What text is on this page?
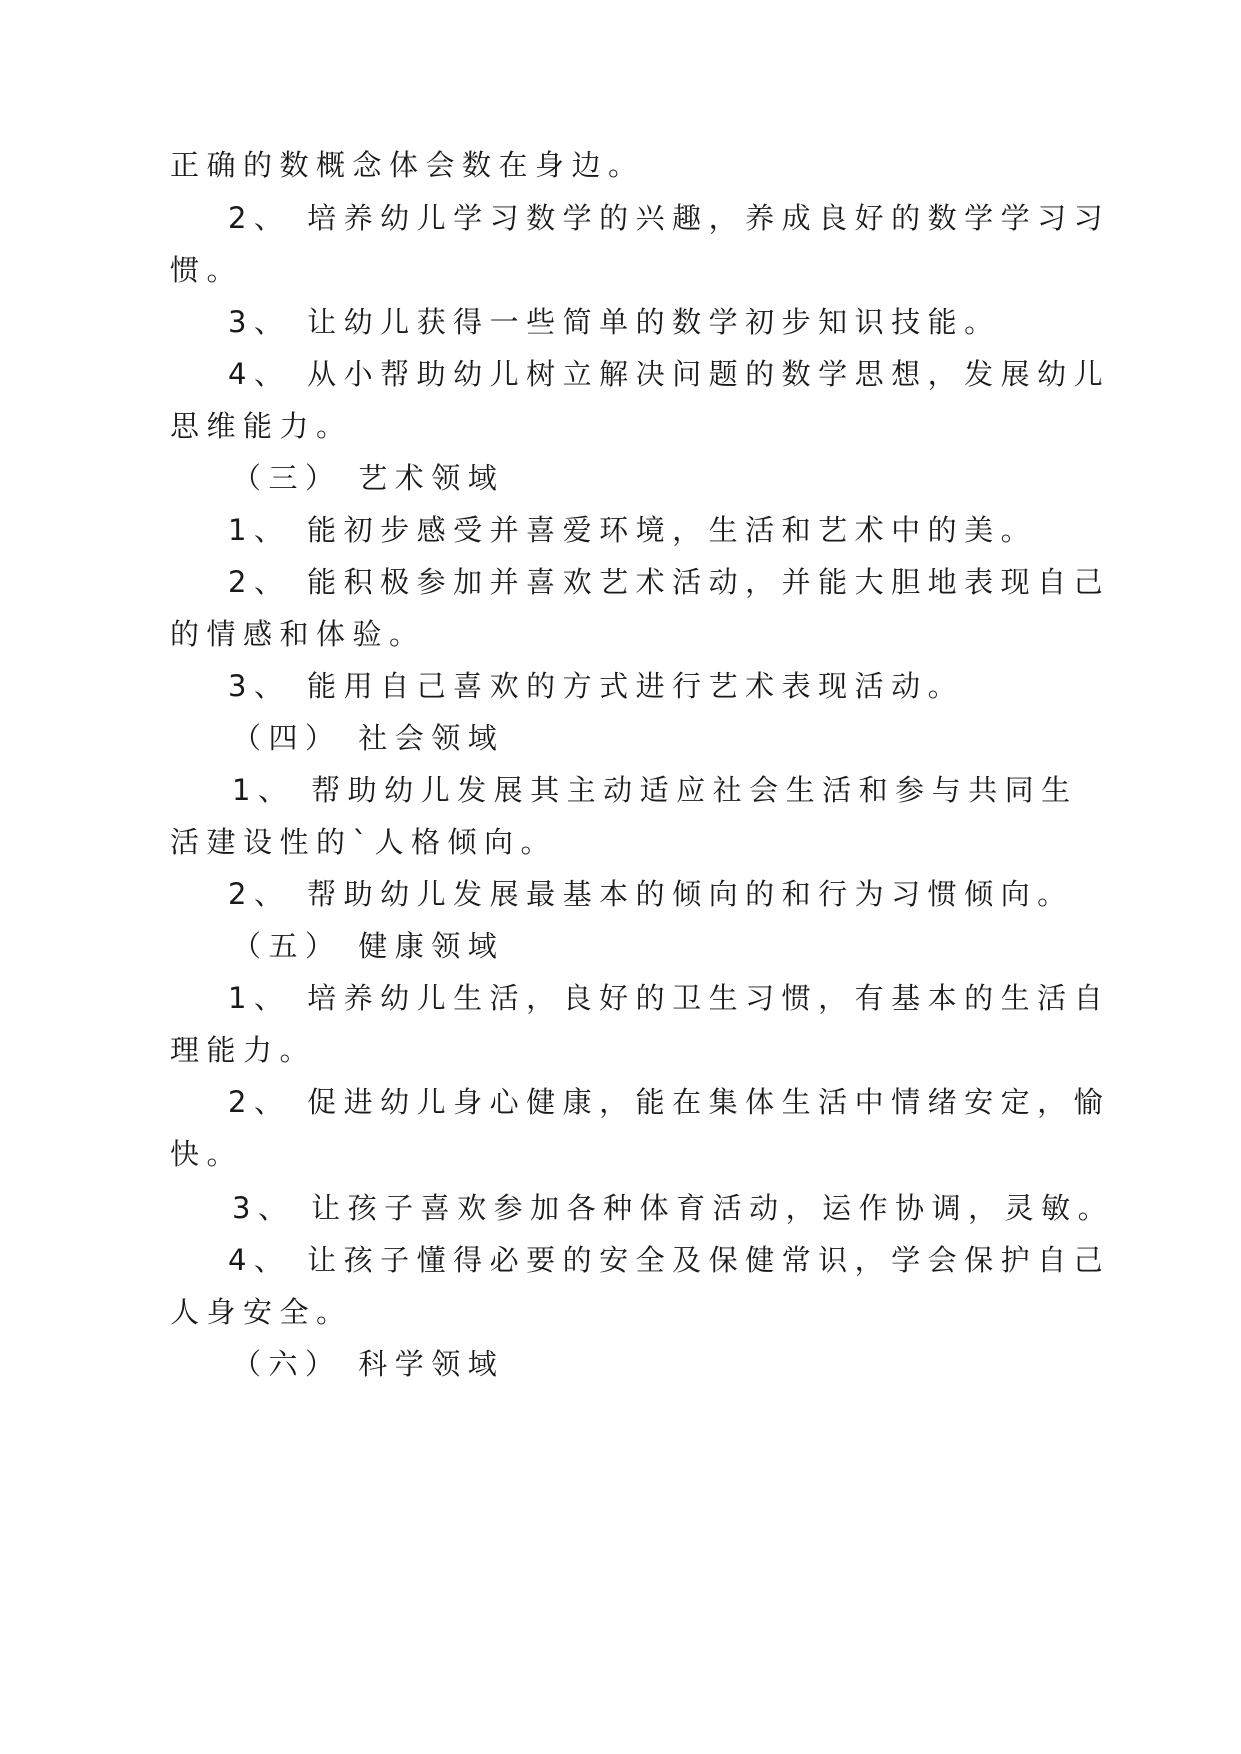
正确的数概念体会数在身边。
2、 培养幼儿学习数学的兴趣，养成良好的数学学习习
惯。
3、 让幼儿获得一些简单的数学初步知识技能。
4、 从小帮助幼儿树立解决问题的数学思想，发展幼儿
思维能力。
（三） 艺术领域
1、 能初步感受并喜爱环境，生活和艺术中的美。
2、 能积极参加并喜欢艺术活动，并能大胆地表现自己
的情感和体验。
3、 能用自己喜欢的方式进行艺术表现活动。
（四） 社会领域
1、 帮助幼儿发展其主动适应社会生活和参与共同生
活建设性的`人格倾向。
2、 帮助幼儿发展最基本的倾向的和行为习惯倾向。
（五） 健康领域
1、 培养幼儿生活，良好的卫生习惯，有基本的生活自
理能力。
2、 促进幼儿身心健康，能在集体生活中情绪安定，愉
快。
3、 让孩子喜欢参加各种体育活动，运作协调，灵敏。
4、 让孩子懂得必要的安全及保健常识，学会保护自己
人身安全。
（六） 科学领域
